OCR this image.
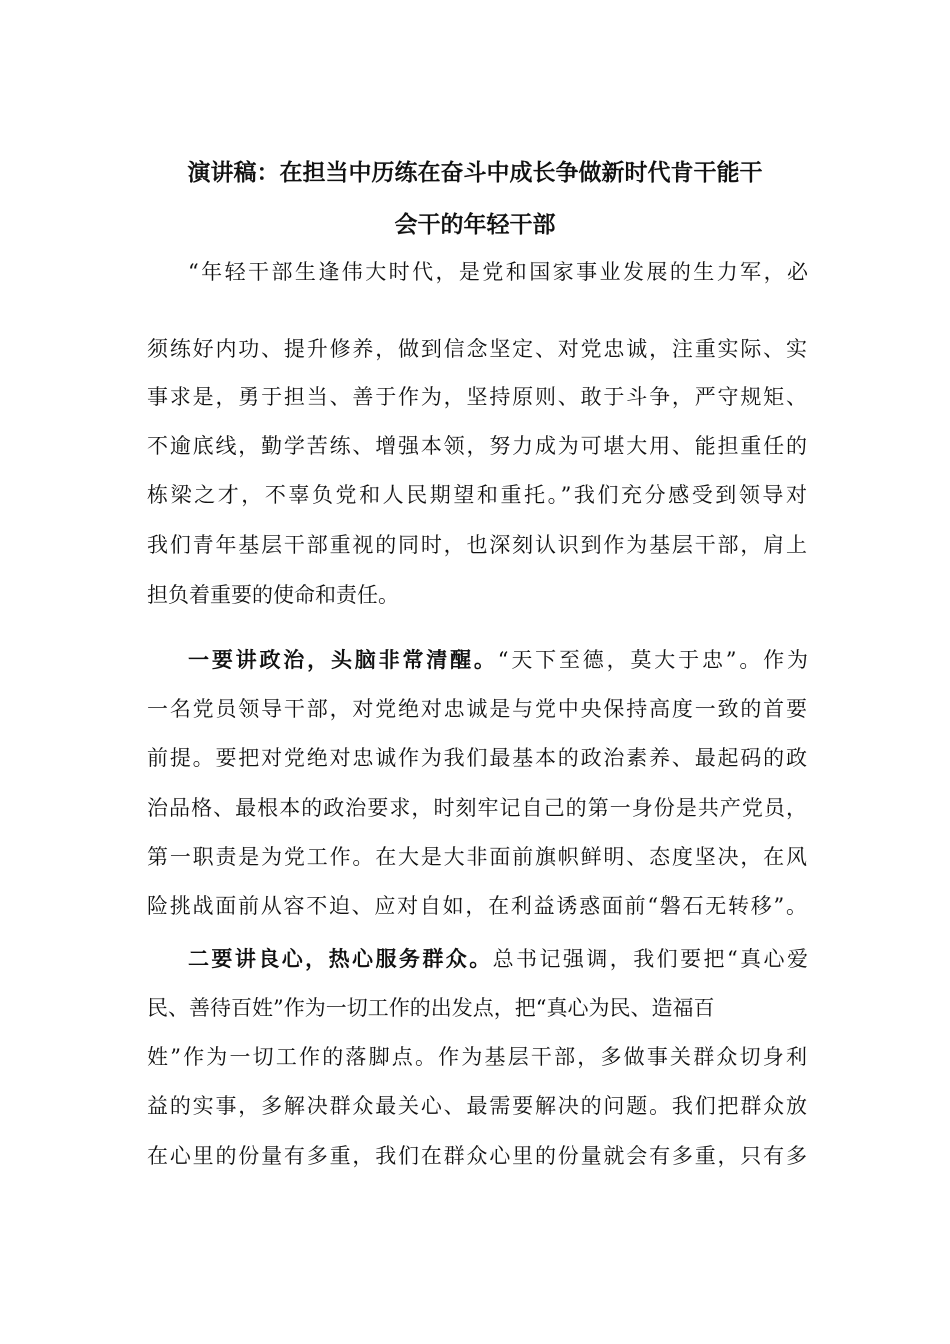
演讲稿：在担当中历练在奋斗中成长争做新时代肯干能干
会干的年轻干部

“年轻干部生逢伟大时代，是党和国家事业发展的生力军，必

须练好内功、提升修养，做到信念坚定、对党忠诚，注重实际、实

事求是，勇于担当、善于作为，坚持原则、敢于斗争，严守规矩、

不逾底线，勤学苦练、增强本领，努力成为可堪大用、能担重任的

栋梁之才，不辜负党和人民期望和重托。”我们充分感受到领导对

我们青年基层干部重视的同时，也深刻认识到作为基层干部，肩上

担负着重要的使命和责任。

一要讲政治，头脑非常清醒。“天下至德，莫大于忠”。作为

一名党员领导干部，对党绝对忠诚是与党中央保持高度一致的首要

前提。要把对党绝对忠诚作为我们最基本的政治素养、最起码的政

治品格、最根本的政治要求，时刻牢记自己的第一身份是共产党员，

第一职责是为党工作。在大是大非面前旗帜鲜明、态度坚决，在风

险挑战面前从容不迫、应对自如，在利益诱惑面前“磐石无转移”。

二要讲良心，热心服务群众。总书记强调，我们要把“真心爱

民、善待百姓”作为一切工作的出发点，把“真心为民、造福百

姓”作为一切工作的落脚点。作为基层干部，多做事关群众切身利

益的实事，多解决群众最关心、最需要解决的问题。我们把群众放

在心里的份量有多重，我们在群众心里的份量就会有多重，只有多
